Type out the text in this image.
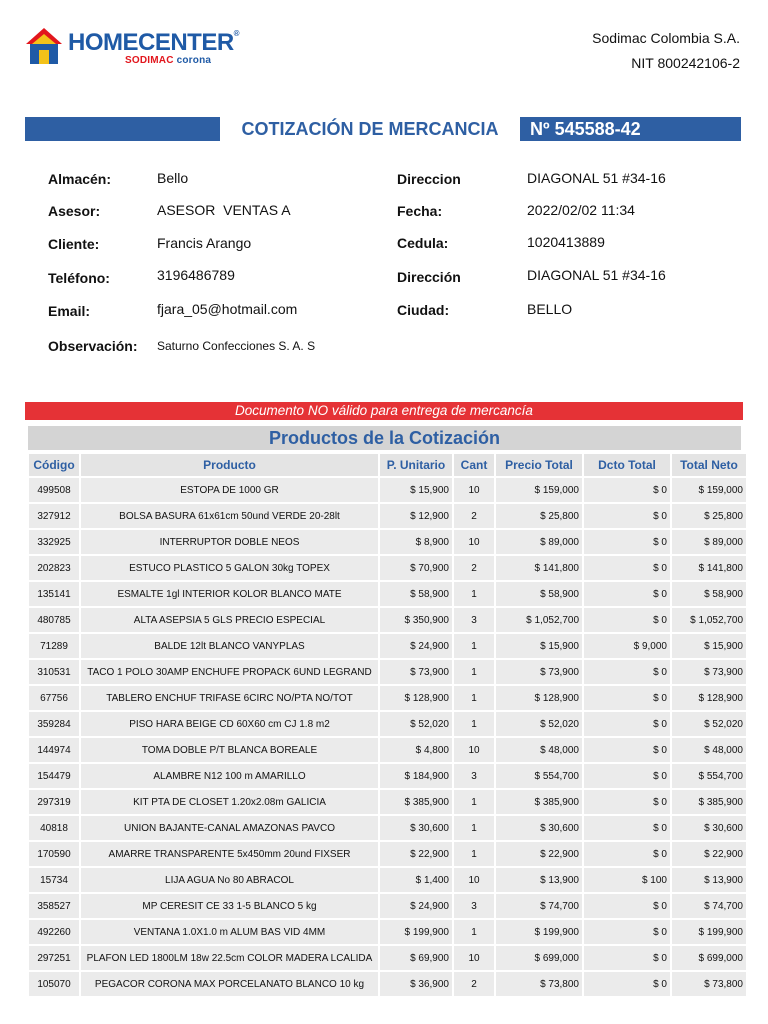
HOMECENTER®
SODIMAC corona
Sodimac Colombia S.A.
NIT 800242106-2
COTIZACIÓN DE MERCANCIA	Nº 545588-42
Almacén:	Bello
Asesor:	ASESOR  VENTAS A
Cliente:	Francis Arango
Teléfono:	3196486789
Email:	fjara_05@hotmail.com
Observación: Saturno Confecciones S. A. S
Direccion	DIAGONAL 51 #34-16
Fecha:	2022/02/02 11:34
Cedula:	1020413889
Dirección	DIAGONAL 51 #34-16
Ciudad:	BELLO
Documento NO válido para entrega de mercancía
Productos de la Cotización
Código	Producto	P. Unitario	Cant	Precio Total	Dcto Total	Total Neto
499508	ESTOPA DE 1000 GR	$ 15,900	10	$ 159,000	$ 0	$ 159,000
327912	BOLSA BASURA 61x61cm 50und VERDE 20-28lt	$ 12,900	2	$ 25,800	$ 0	$ 25,800
332925	INTERRUPTOR DOBLE NEOS	$ 8,900	10	$ 89,000	$ 0	$ 89,000
202823	ESTUCO PLASTICO 5 GALON 30kg TOPEX	$ 70,900	2	$ 141,800	$ 0	$ 141,800
135141	ESMALTE 1gl INTERIOR KOLOR BLANCO MATE	$ 58,900	1	$ 58,900	$ 0	$ 58,900
480785	ALTA ASEPSIA 5 GLS PRECIO ESPECIAL	$ 350,900	3	$ 1,052,700	$ 0	$ 1,052,700
71289	BALDE 12lt BLANCO VANYPLAS	$ 24,900	1	$ 15,900	$ 9,000	$ 15,900
310531	TACO 1 POLO 30AMP ENCHUFE PROPACK 6UND LEGRAND	$ 73,900	1	$ 73,900	$ 0	$ 73,900
67756	TABLERO ENCHUF TRIFASE 6CIRC NO/PTA NO/TOT	$ 128,900	1	$ 128,900	$ 0	$ 128,900
359284	PISO HARA BEIGE CD 60X60 cm CJ 1.8 m2	$ 52,020	1	$ 52,020	$ 0	$ 52,020
144974	TOMA DOBLE P/T BLANCA BOREALE	$ 4,800	10	$ 48,000	$ 0	$ 48,000
154479	ALAMBRE N12 100 m AMARILLO	$ 184,900	3	$ 554,700	$ 0	$ 554,700
297319	KIT PTA DE CLOSET 1.20x2.08m GALICIA	$ 385,900	1	$ 385,900	$ 0	$ 385,900
40818	UNION BAJANTE-CANAL AMAZONAS PAVCO	$ 30,600	1	$ 30,600	$ 0	$ 30,600
170590	AMARRE TRANSPARENTE 5x450mm 20und FIXSER	$ 22,900	1	$ 22,900	$ 0	$ 22,900
15734	LIJA AGUA No 80 ABRACOL	$ 1,400	10	$ 13,900	$ 100	$ 13,900
358527	MP CERESIT CE 33 1-5 BLANCO 5 kg	$ 24,900	3	$ 74,700	$ 0	$ 74,700
492260	VENTANA 1.0X1.0 m ALUM BAS VID 4MM	$ 199,900	1	$ 199,900	$ 0	$ 199,900
297251	PLAFON LED 1800LM 18w 22.5cm COLOR MADERA LCALIDA	$ 69,900	10	$ 699,000	$ 0	$ 699,000
105070	PEGACOR CORONA MAX PORCELANATO BLANCO 10 kg	$ 36,900	2	$ 73,800	$ 0	$ 73,800
